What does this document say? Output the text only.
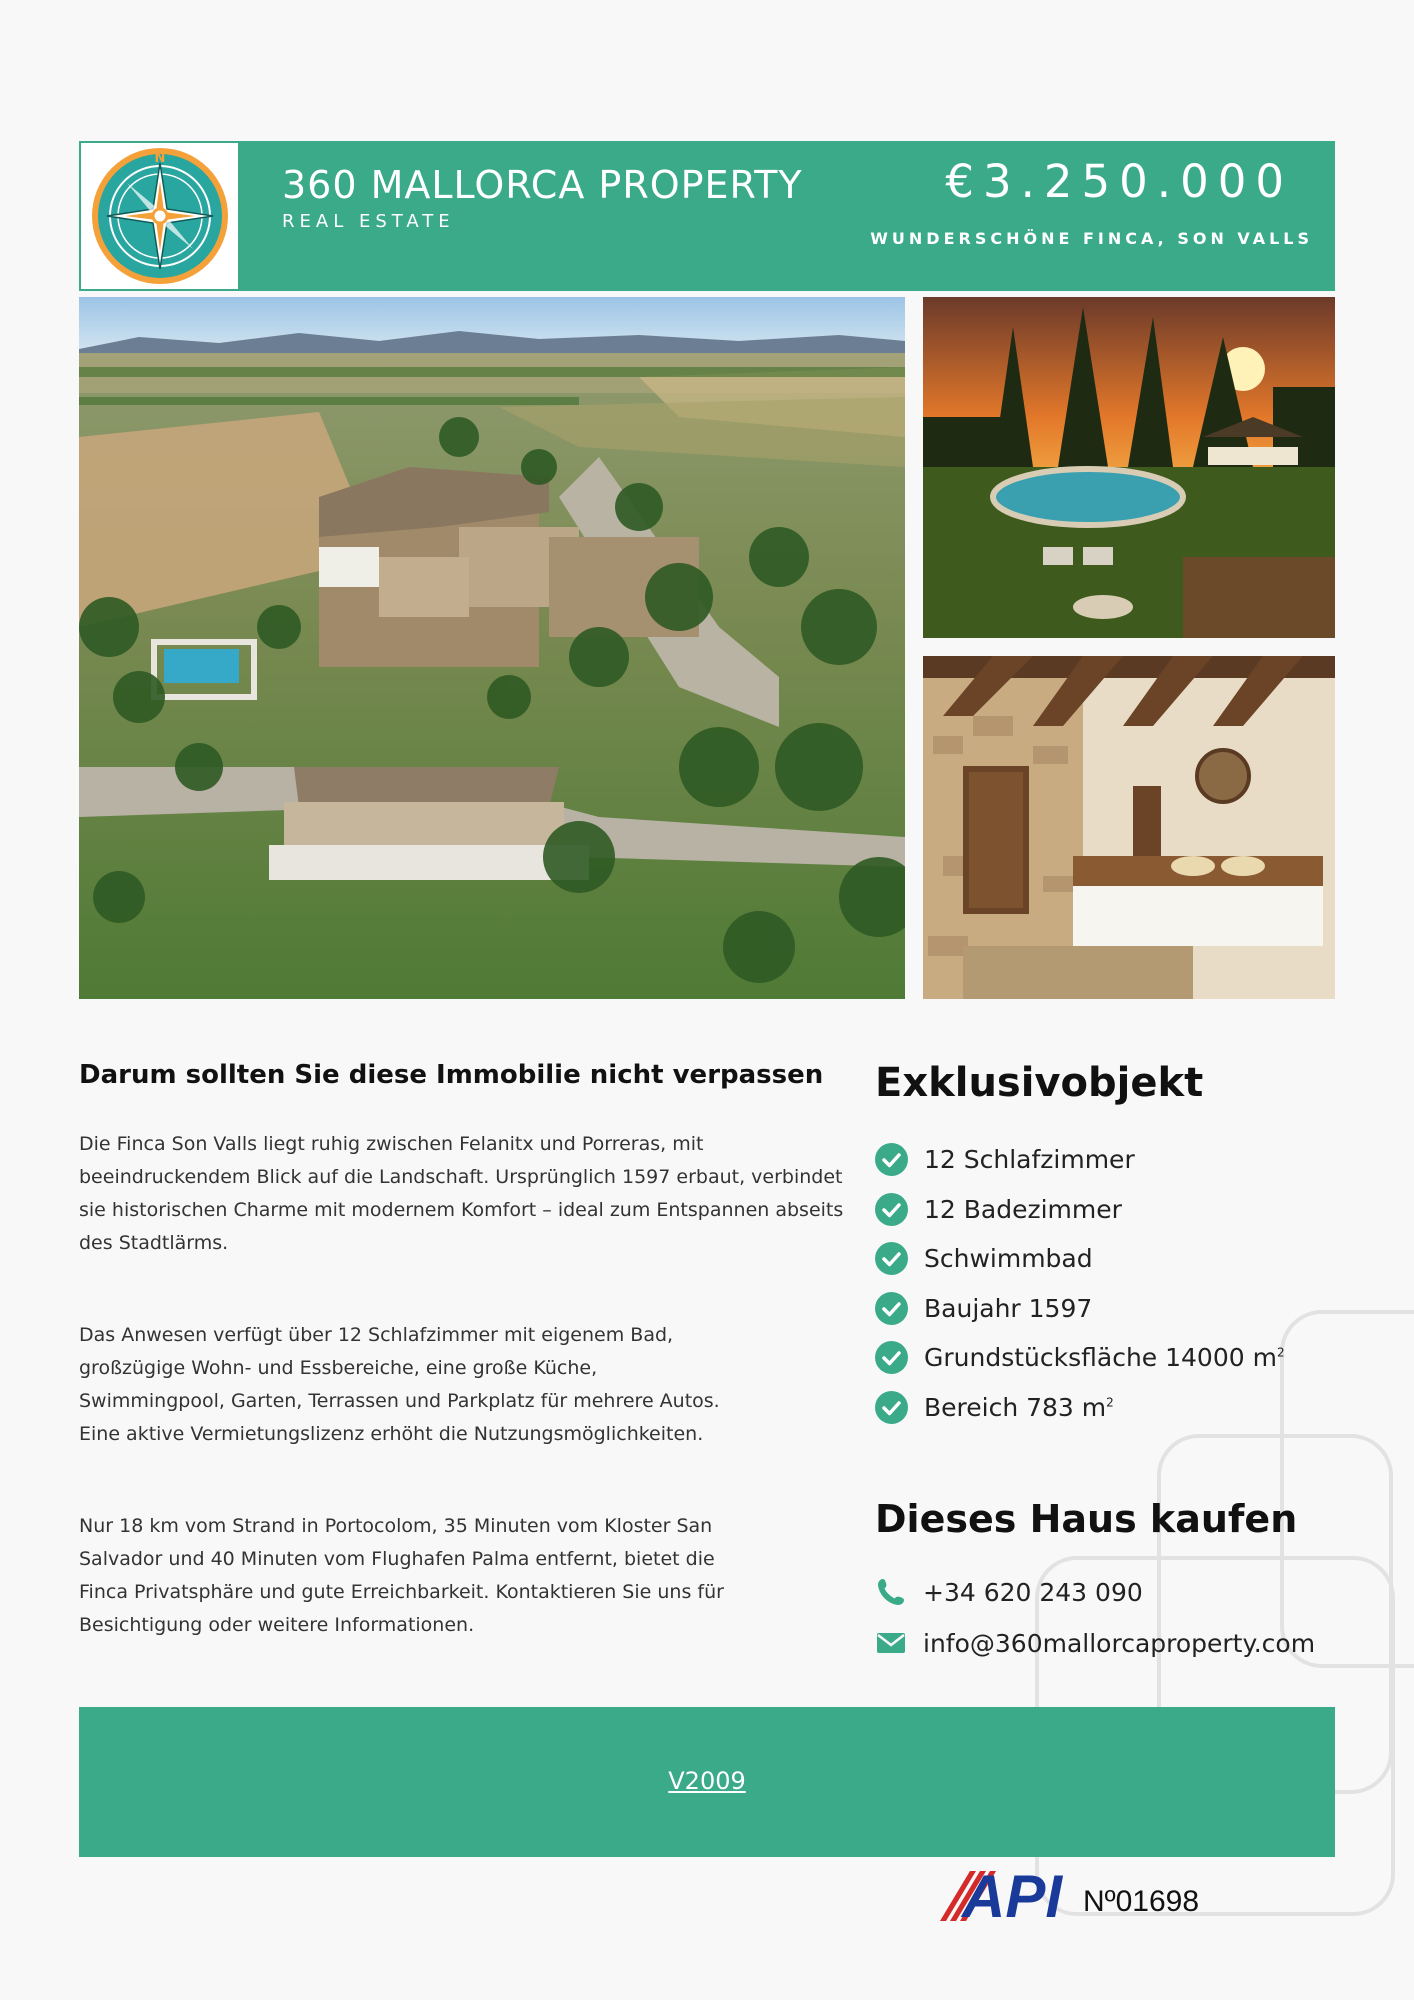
N
360 MALLORCA PROPERTY
REAL ESTATE
€3.250.000
WUNDERSCHÖNE FINCA, SON VALLS
Darum sollten Sie diese Immobilie nicht verpassen
Die Finca Son Valls liegt ruhig zwischen Felanitx und Porreras, mit
beeindruckendem Blick auf die Landschaft. Ursprünglich 1597 erbaut, verbindet
sie historischen Charme mit modernem Komfort – ideal zum Entspannen abseits
des Stadtlärms.
Das Anwesen verfügt über 12 Schlafzimmer mit eigenem Bad,
großzügige Wohn- und Essbereiche, eine große Küche,
Swimmingpool, Garten, Terrassen und Parkplatz für mehrere Autos.
Eine aktive Vermietungslizenz erhöht die Nutzungsmöglichkeiten.
Nur 18 km vom Strand in Portocolom, 35 Minuten vom Kloster San
Salvador und 40 Minuten vom Flughafen Palma entfernt, bietet die
Finca Privatsphäre und gute Erreichbarkeit. Kontaktieren Sie uns für
Besichtigung oder weitere Informationen.
Exklusivobjekt
12 Schlafzimmer
12 Badezimmer
Schwimmbad
Baujahr 1597
Grundstücksfläche 14000 $m^2$
Bereich 783 $m^2$
Dieses Haus kaufen
+34 620 243 090
info@360mallorcaproperty.com
V2009
API Nº01698
